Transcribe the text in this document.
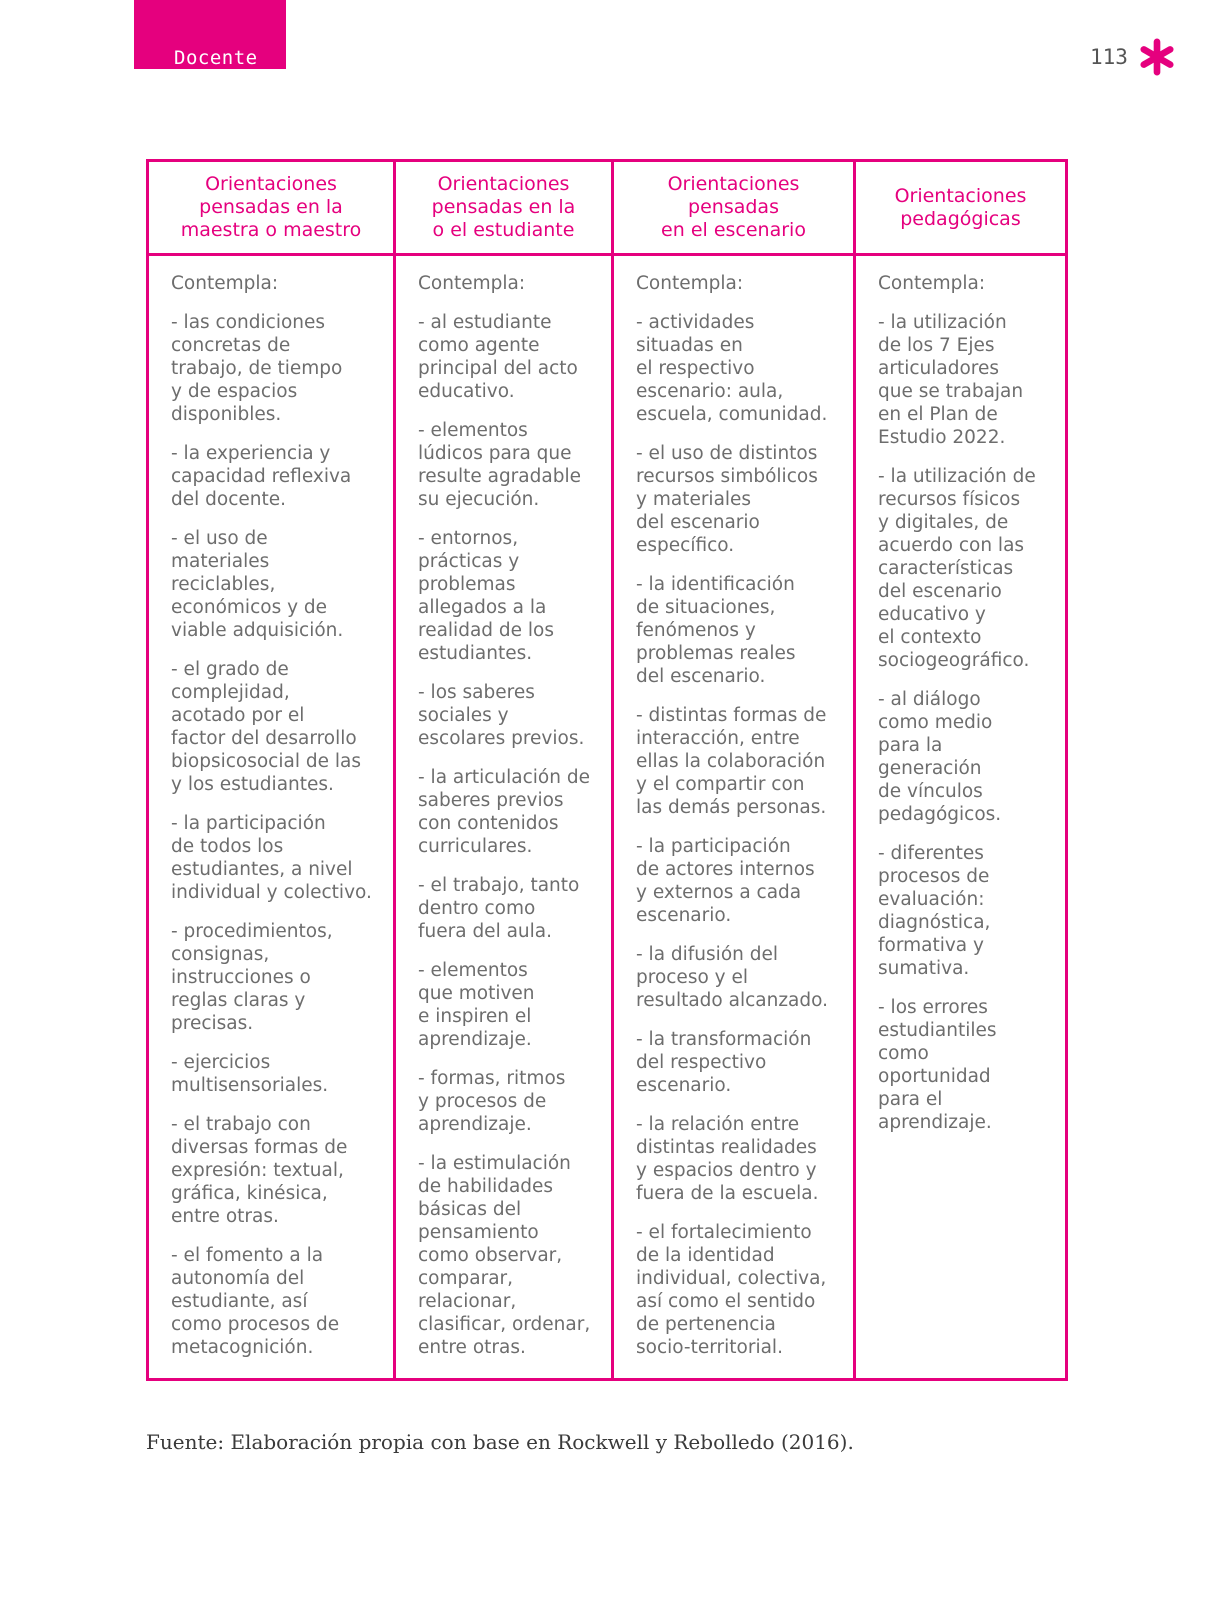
Docente	113
Orientaciones
pensadas en la
maestra o maestro
Orientaciones
pensadas en la
o el estudiante
Orientaciones
pensadas
en el escenario
Orientaciones
pedagógicas

Contempla:

- las condiciones
concretas de
trabajo, de tiempo
y de espacios
disponibles.

- la experiencia y
capacidad reflexiva
del docente.

- el uso de
materiales
reciclables,
económicos y de
viable adquisición.

- el grado de
complejidad,
acotado por el
factor del desarrollo
biopsicosocial de las
y los estudiantes.

- la participación
de todos los
estudiantes, a nivel
individual y colectivo.

- procedimientos,
consignas,
instrucciones o
reglas claras y
precisas.

- ejercicios
multisensoriales.

- el trabajo con
diversas formas de
expresión: textual,
gráfica, kinésica,
entre otras.

- el fomento a la
autonomía del
estudiante, así
como procesos de
metacognición.

Contempla:

- al estudiante
como agente
principal del acto
educativo.

- elementos
lúdicos para que
resulte agradable
su ejecución.

- entornos,
prácticas y
problemas
allegados a la
realidad de los
estudiantes.

- los saberes
sociales y
escolares previos.

- la articulación de
saberes previos
con contenidos
curriculares.

- el trabajo, tanto
dentro como
fuera del aula.

- elementos
que motiven
e inspiren el
aprendizaje.

- formas, ritmos
y procesos de
aprendizaje.

- la estimulación
de habilidades
básicas del
pensamiento
como observar,
comparar,
relacionar,
clasificar, ordenar,
entre otras.

Contempla:

- actividades
situadas en
el respectivo
escenario: aula,
escuela, comunidad.

- el uso de distintos
recursos simbólicos
y materiales
del escenario
específico.

- la identificación
de situaciones,
fenómenos y
problemas reales
del escenario.

- distintas formas de
interacción, entre
ellas la colaboración
y el compartir con
las demás personas.

- la participación
de actores internos
y externos a cada
escenario.

- la difusión del
proceso y el
resultado alcanzado.

- la transformación
del respectivo
escenario.

- la relación entre
distintas realidades
y espacios dentro y
fuera de la escuela.

- el fortalecimiento
de la identidad
individual, colectiva,
así como el sentido
de pertenencia
socio-territorial.

Contempla:

- la utilización
de los 7 Ejes
articuladores
que se trabajan
en el Plan de
Estudio 2022.

- la utilización de
recursos físicos
y digitales, de
acuerdo con las
características
del escenario
educativo y
el contexto
sociogeográfico.

- al diálogo
como medio
para la
generación
de vínculos
pedagógicos.

- diferentes
procesos de
evaluación:
diagnóstica,
formativa y
sumativa.

- los errores
estudiantiles
como
oportunidad
para el
aprendizaje.

Fuente: Elaboración propia con base en Rockwell y Rebolledo (2016).
